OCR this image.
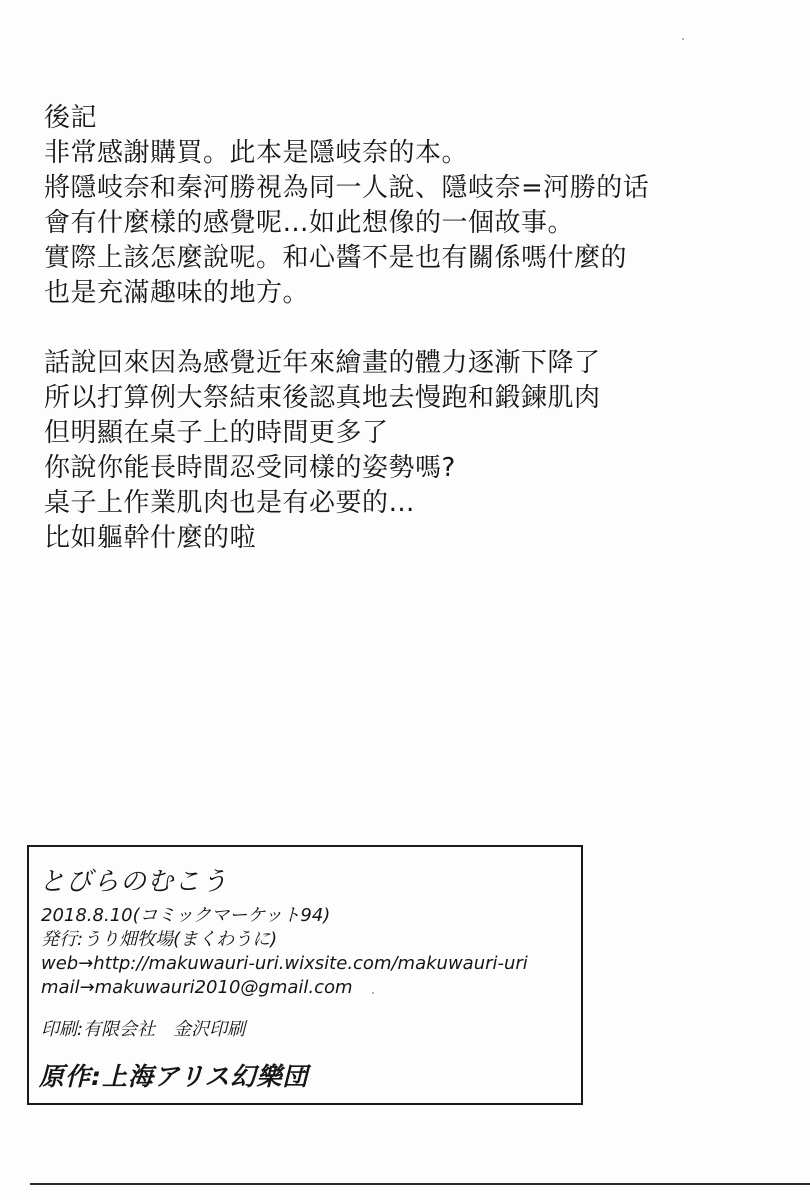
後記
非常感謝購買。此本是隱岐奈的本。
將隱岐奈和秦河勝視為同一人說、隱岐奈=河勝的话
會有什麼樣的感覺呢…如此想像的一個故事。
實際上該怎麼說呢。和心醬不是也有關係嗎什麼的
也是充滿趣味的地方。
話說回來因為感覺近年來繪畫的體力逐漸下降了
所以打算例大祭結束後認真地去慢跑和鍛鍊肌肉
但明顯在桌子上的時間更多了
你說你能長時間忍受同樣的姿勢嗎?
桌子上作業肌肉也是有必要的…
比如軀幹什麼的啦
とびらのむこう
2018.8.10(コミックマーケット94)
発行:うり畑牧場(まくわうに)
web→http://makuwauri-uri.wixsite.com/makuwauri-uri
mail→makuwauri2010@gmail.com
印刷:有限会社　金沢印刷
原作:上海アリス幻樂団
